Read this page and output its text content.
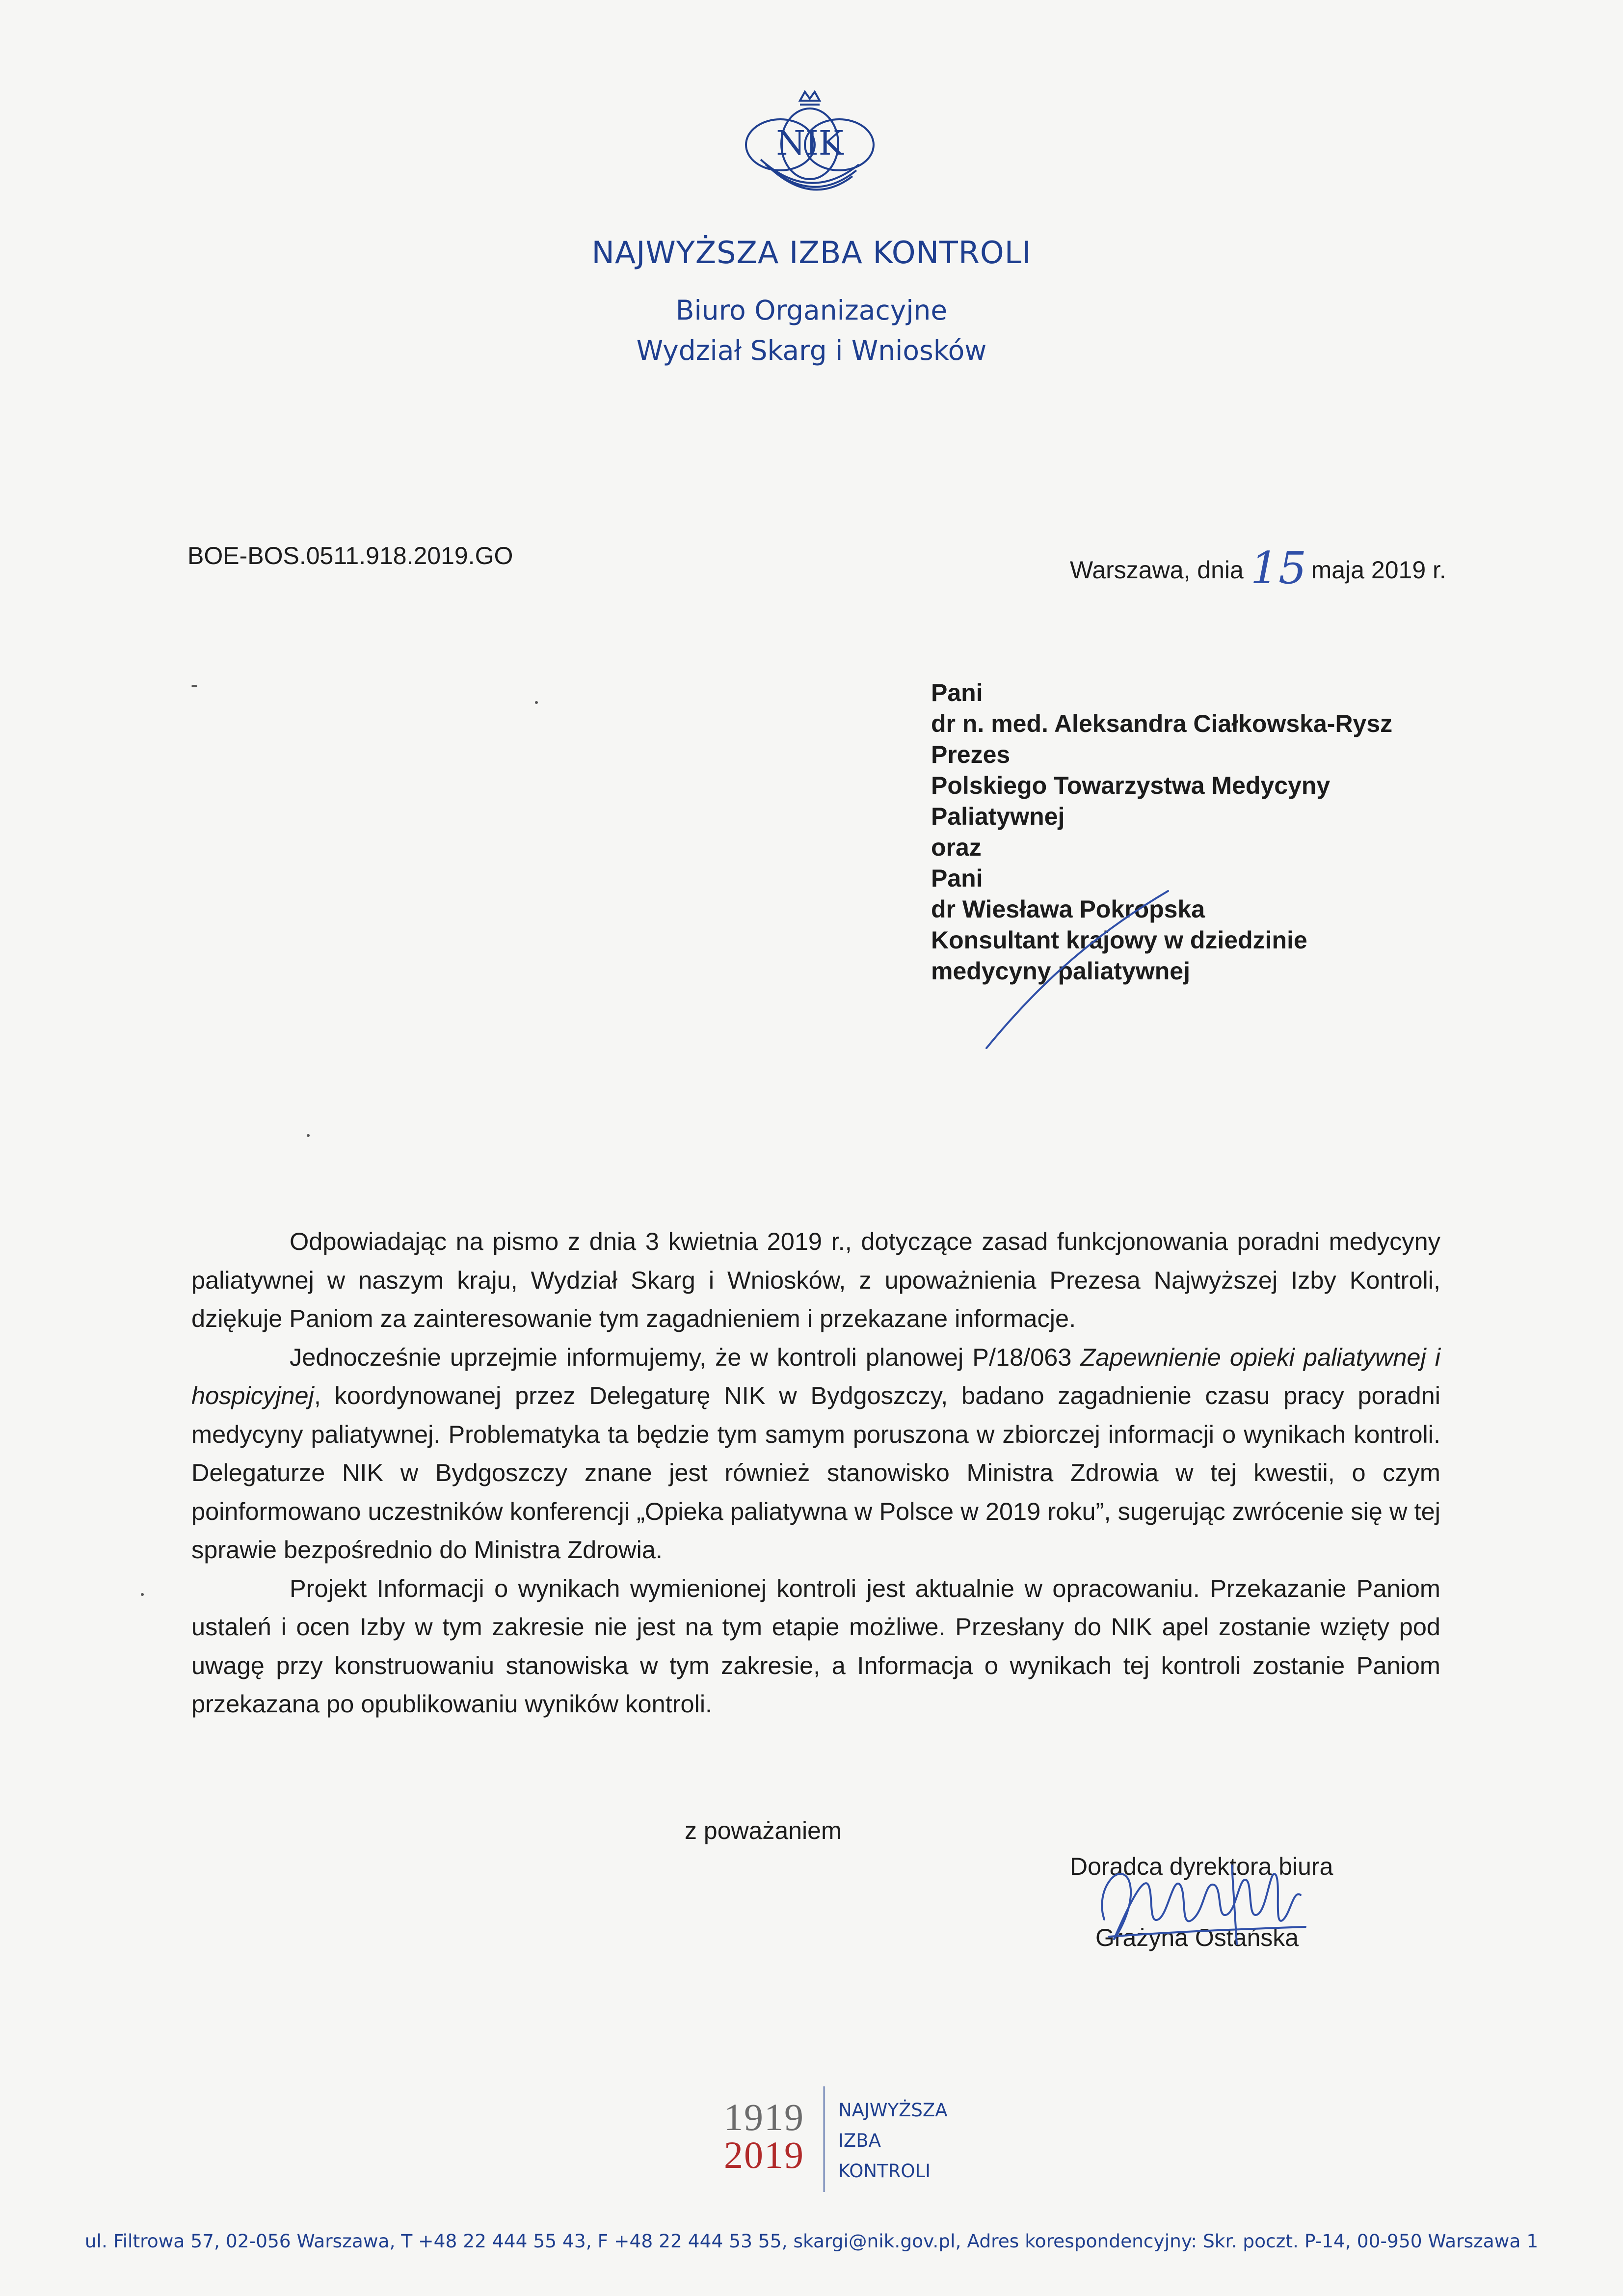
NIK
NAJWYŻSZA IZBA KONTROLI
Biuro Organizacyjne
Wydział Skarg i Wniosków
BOE-BOS.0511.918.2019.GO
Warszawa, dnia 15 maja 2019 r.
Pani
dr n. med. Aleksandra Ciałkowska-Rysz
Prezes
Polskiego Towarzystwa Medycyny
Paliatywnej
oraz
Pani
dr Wiesława Pokropska
Konsultant krajowy w dziedzinie
medycyny paliatywnej

Odpowiadając na pismo z dnia 3 kwietnia 2019 r., dotyczące zasad funkcjonowania poradni medycyny paliatywnej w naszym kraju, Wydział Skarg i Wniosków, z upoważnienia Prezesa Najwyższej Izby Kontroli, dziękuje Paniom za zainteresowanie tym zagadnieniem i przekazane informacje.

Jednocześnie uprzejmie informujemy, że w kontroli planowej P/18/063 Zapewnienie opieki paliatywnej i hospicyjnej, koordynowanej przez Delegaturę NIK w Bydgoszczy, badano zagadnienie czasu pracy poradni medycyny paliatywnej. Problematyka ta będzie tym samym poruszona w zbiorczej informacji o wynikach kontroli. Delegaturze NIK w Bydgoszczy znane jest również stanowisko Ministra Zdrowia w tej kwestii, o czym poinformowano uczestników konferencji „Opieka paliatywna w Polsce w 2019 roku”, sugerując zwrócenie się w tej sprawie bezpośrednio do Ministra Zdrowia.

Projekt Informacji o wynikach wymienionej kontroli jest aktualnie w opracowaniu. Przekazanie Paniom ustaleń i ocen Izby w tym zakresie nie jest na tym etapie możliwe. Przesłany do NIK apel zostanie wzięty pod uwagę przy konstruowaniu stanowiska w tym zakresie, a Informacja o wynikach tej kontroli zostanie Paniom przekazana po opublikowaniu wyników kontroli.

z poważaniem
Doradca dyrektora biura
Grażyna Ostańska
1919
2019
NAJWYŻSZA
IZBA
KONTROLI
ul. Filtrowa 57, 02-056 Warszawa, T +48 22 444 55 43, F +48 22 444 53 55, skargi@nik.gov.pl, Adres korespondencyjny: Skr. poczt. P-14, 00-950 Warszawa 1
